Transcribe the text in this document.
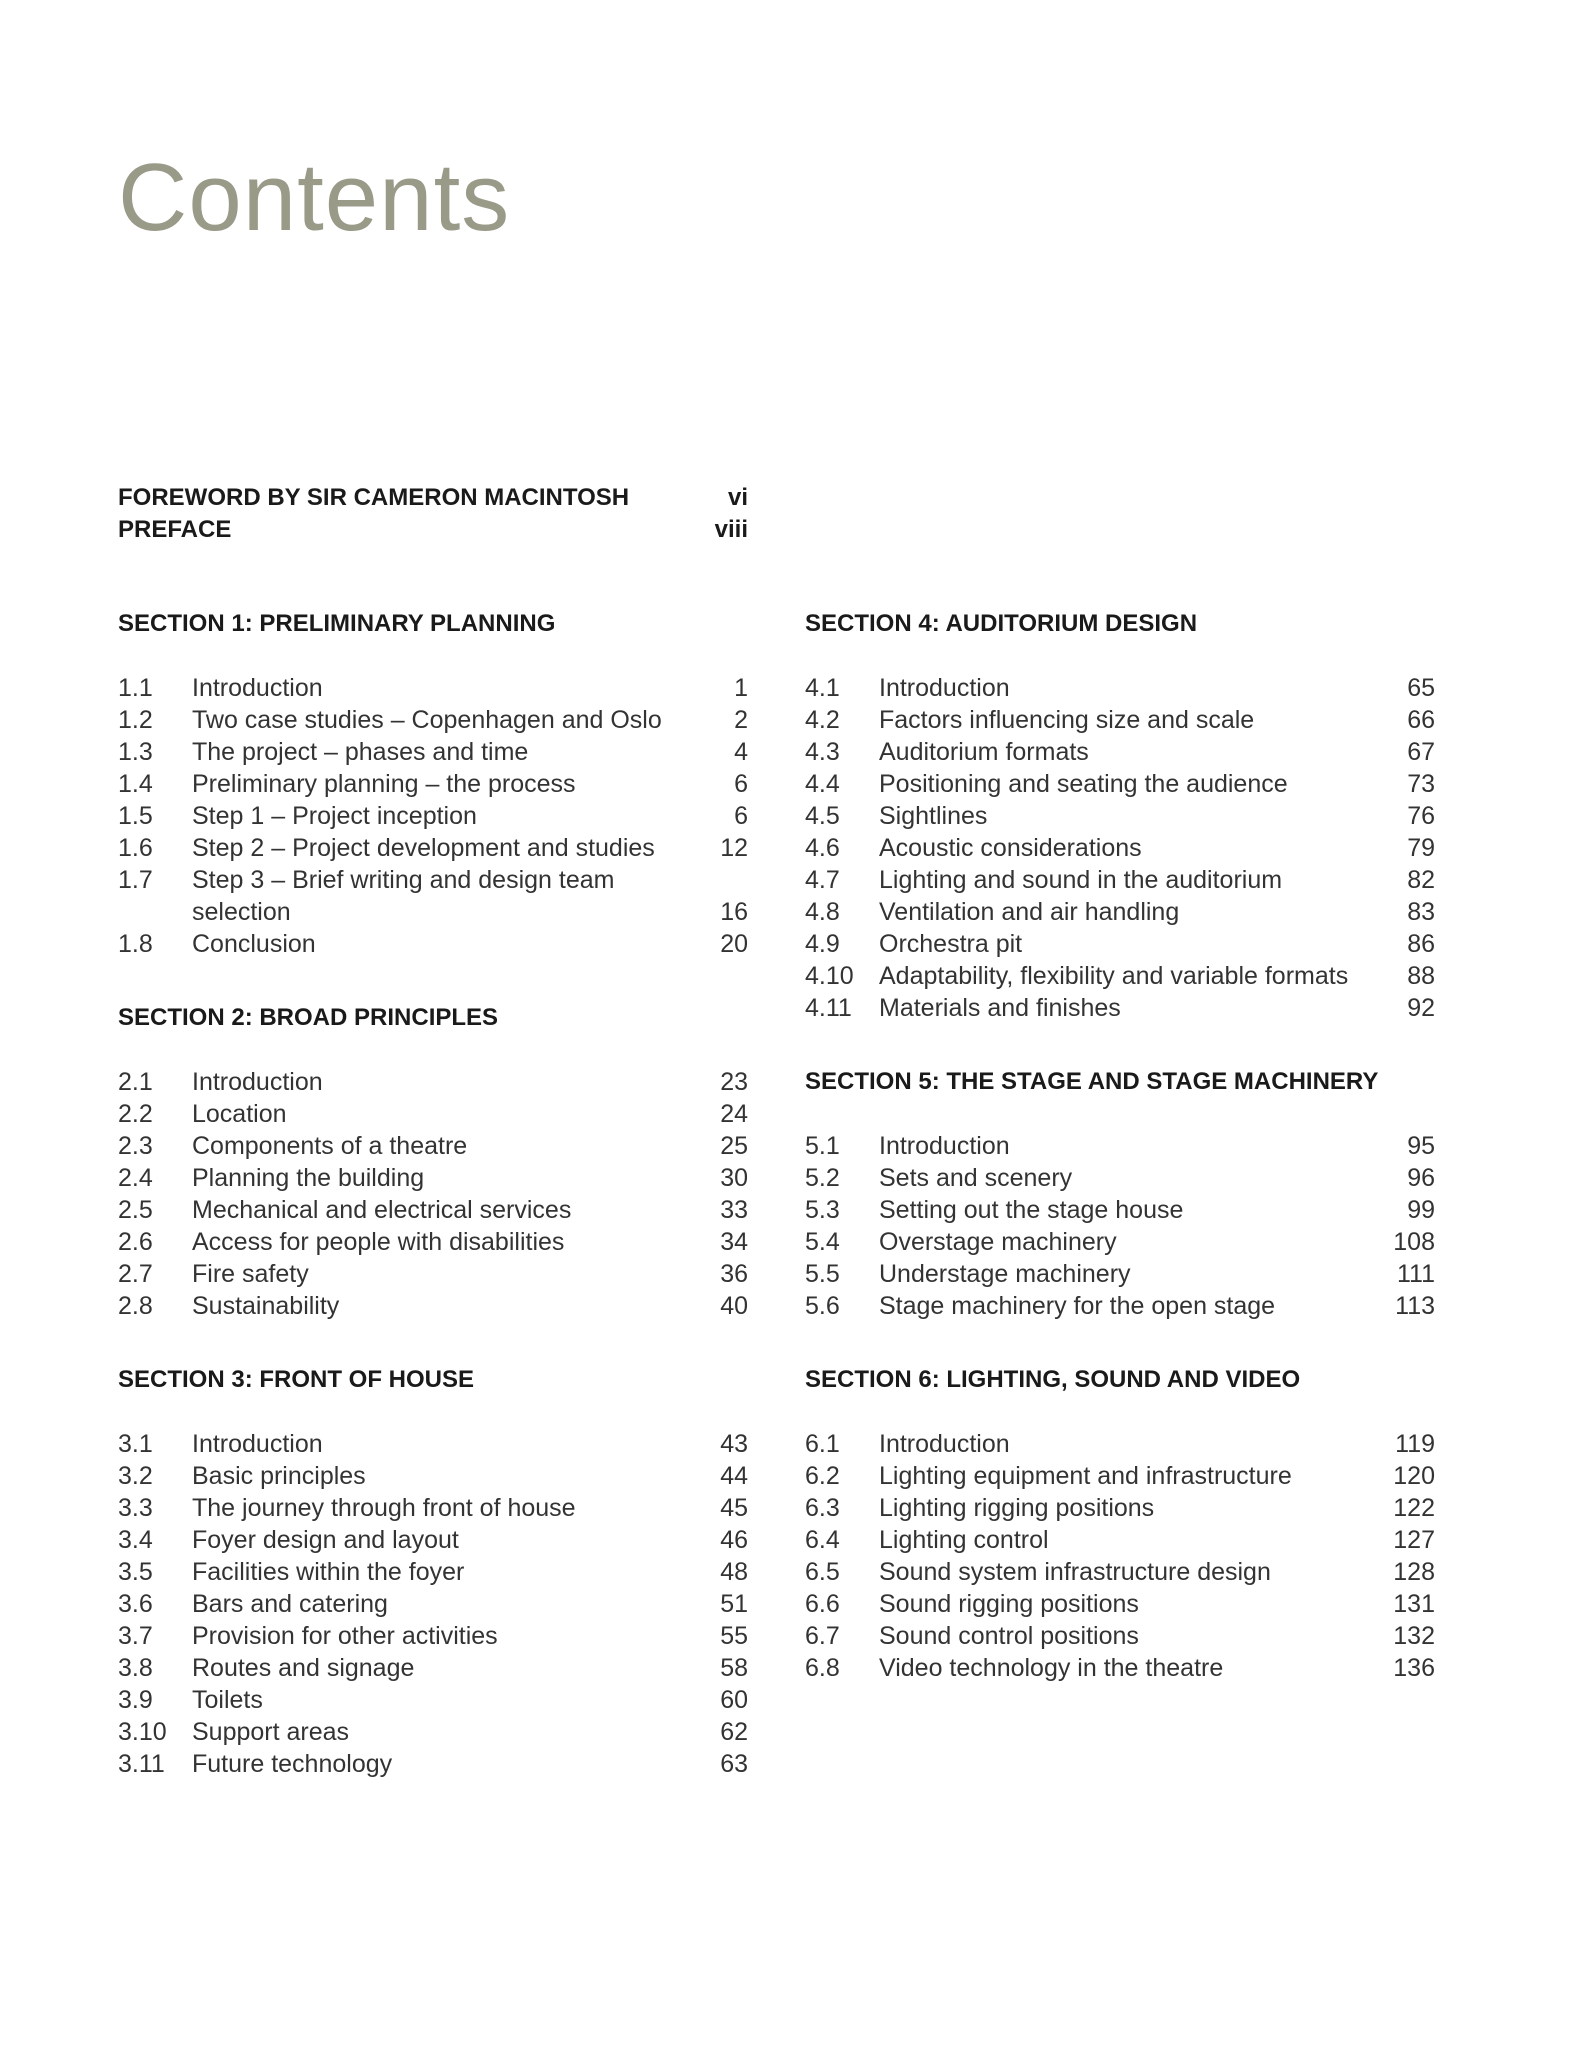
Contents
FOREWORD BY SIR CAMERON MACINTOSH	vi
PREFACE	viii
SECTION 1: PRELIMINARY PLANNING
1.1	Introduction	1
1.2	Two case studies – Copenhagen and Oslo	2
1.3	The project – phases and time	4
1.4	Preliminary planning – the process	6
1.5	Step 1 – Project inception	6
1.6	Step 2 – Project development and studies	12
1.7	Step 3 – Brief writing and design team selection	16
1.8	Conclusion	20
SECTION 2: BROAD PRINCIPLES
2.1	Introduction	23
2.2	Location	24
2.3	Components of a theatre	25
2.4	Planning the building	30
2.5	Mechanical and electrical services	33
2.6	Access for people with disabilities	34
2.7	Fire safety	36
2.8	Sustainability	40
SECTION 3: FRONT OF HOUSE
3.1	Introduction	43
3.2	Basic principles	44
3.3	The journey through front of house	45
3.4	Foyer design and layout	46
3.5	Facilities within the foyer	48
3.6	Bars and catering	51
3.7	Provision for other activities	55
3.8	Routes and signage	58
3.9	Toilets	60
3.10	Support areas	62
3.11	Future technology	63
SECTION 4: AUDITORIUM DESIGN
4.1	Introduction	65
4.2	Factors influencing size and scale	66
4.3	Auditorium formats	67
4.4	Positioning and seating the audience	73
4.5	Sightlines	76
4.6	Acoustic considerations	79
4.7	Lighting and sound in the auditorium	82
4.8	Ventilation and air handling	83
4.9	Orchestra pit	86
4.10	Adaptability, flexibility and variable formats	88
4.11	Materials and finishes	92
SECTION 5: THE STAGE AND STAGE MACHINERY
5.1	Introduction	95
5.2	Sets and scenery	96
5.3	Setting out the stage house	99
5.4	Overstage machinery	108
5.5	Understage machinery	111
5.6	Stage machinery for the open stage	113
SECTION 6: LIGHTING, SOUND AND VIDEO
6.1	Introduction	119
6.2	Lighting equipment and infrastructure	120
6.3	Lighting rigging positions	122
6.4	Lighting control	127
6.5	Sound system infrastructure design	128
6.6	Sound rigging positions	131
6.7	Sound control positions	132
6.8	Video technology in the theatre	136
